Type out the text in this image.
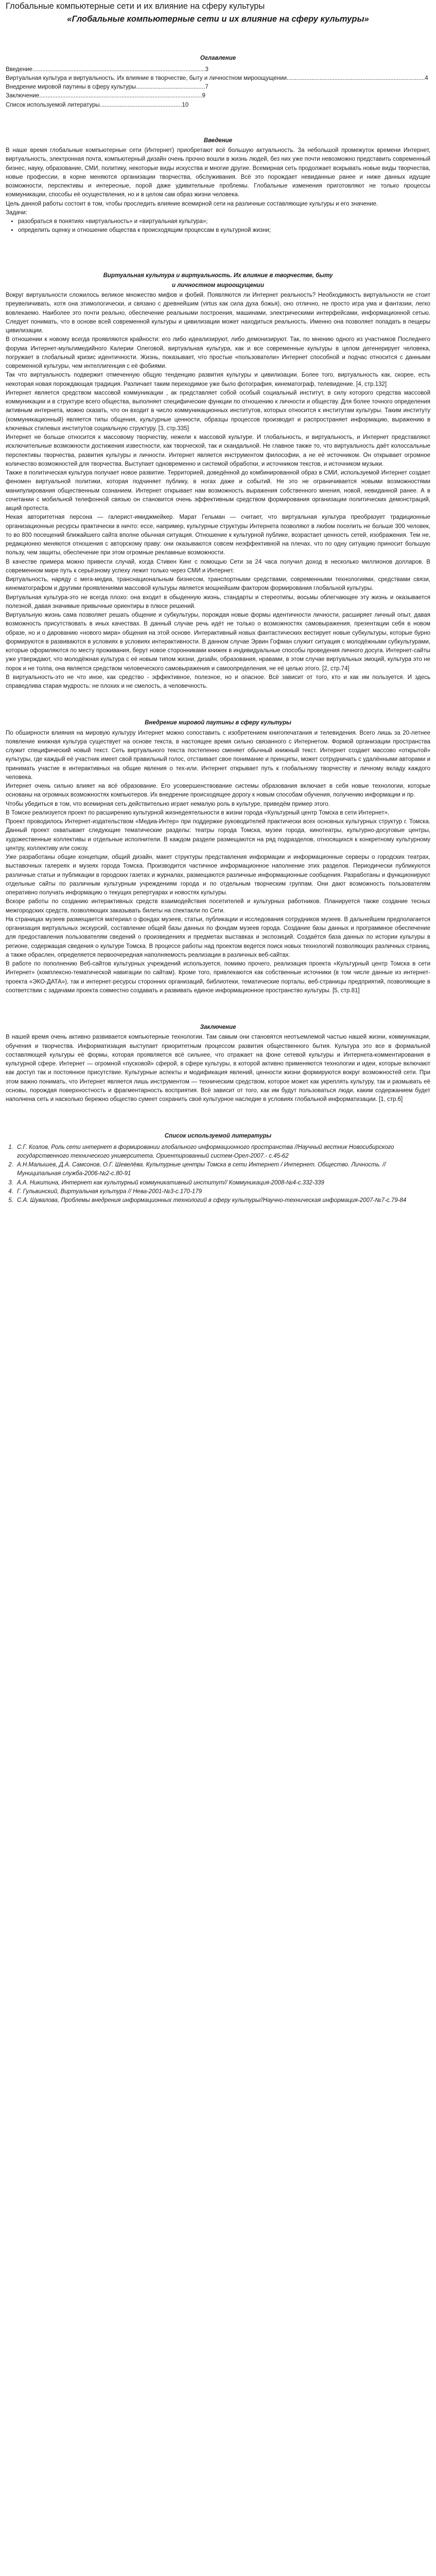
Глобальные компьютерные сети и их влияние на сферу культуры
«Глобальные компьютерные сети и их влияние на сферу культуры»
Оглавление
Введение.........................................................................................................3
Виртуальная культура и виртуальность. Их влияние в творчестве, быту и личностном мироощущении....................................................................................4
Внедрение мировой паутины в сферу культуры..........................................7
Заключение...................................................................................................9
Список используемой литературы..................................................10
Введение

В наше время глобальные компьютерные сети (Интернет) приобретают всё большую актуальность. За небольшой промежуток времени Интернет, виртуальность, электронная почта, компьютерный дизайн очень прочно вошли в жизнь людей, без них уже почти невозможно представить современный бизнес, науку, образование, СМИ, политику, некоторые виды искусства и многие другие. Всемирная сеть продолжает вскрывать новые виды творчества, новые профессии, в корне меняются организации творчества, обслуживания. Всё это порождает невиданные ранее и ниже данных идущие возможности, перспективы и интересные, порой даже удивительные проблемы. Глобальные изменения приготовляют не только процессы коммуникации, способы её осуществления, но и в целом сам образ жизни человека.

Цель данной работы состоит в том, чтобы проследить влияние всемирной сети на различные составляющие культуры и его значение.

Задачи:

• разобраться в понятиях «виртуальность» и «виртуальная культура»;
• определить оценку и отношение общества к происходящим процессам в культурной жизни;
Виртуальная культура и виртуальность. Их влияние в творчестве, быту
и личностном мироощущении

Вокруг виртуальности сложилось великое множество мифов и фобий. Появляются ли Интернет реальность? Необходимость виртуальности не стоит преувеличивать, хотя она этимологически, и связано с древнейшим (virtus как сила духа божья), оно отлично, не просто игра ума и фантазии, легко вовлекаемо. Наиболее это почти реально, обеспечение реальными построения, машинами, электрическими интерфейсами, информационной сетью. Следует понимать, что в основе всей современной культуры и цивилизации может находиться реальность. Именно она позволяет попадать в пещеры цивилизации.

В отношении к новому всегда проявляются крайности: его либо идеализируют, либо демонизируют. Так, по мнению одного из участников Последнего форума Интернет-мультимедийного Калерии Олеговой, виртуальная культура, как и все современные культуры в целом дегенерирует человека, погружает в глобальный кризис идентичности. Жизнь, показывает, что простые «пользователи» Интернет способной и подчас относится с данными современной культуры, чем интеллигенция с её фобиями.

Так что виртуальность подвержит отмеченную общую тенденцию развития культуры и цивилизации. Более того, виртуальность как, скорее, есть некоторая новая порождающая традиция. Различает таким переходимое уже было фотография, кинематограф, телевидение. [4, стр.132]

Интернет является средством массовой коммуникации , ак представляет собой особый социальный институт, в силу которого средства массовой коммуникации и в структуре всего общества, выполняет специфические функции по отношению к личности и обществу. Для более точного определения активным интернета, можно сказать, что он входит в число коммуникационных институтов, которых относится к институтам культуры. Таким институту (коммуникационный) является типы общения, культурные ценности, образцы процессов производит и распространяет информацию, выражению в ключевых стилевых институтов социальную структуру. [3, стр.335]

Интернет не больше относится к массовому творчеству, нежели к массовой культуре. И глобальность, и виртуальность, и Интернет представляют исключительные возможности достижения известности, как творческой, так и скандальной. Не главное также то, что виртуальность даёт колоссальные перспективы творчества, развития культуры и личности. Интернет является инструментом философии, а не её источником. Он открывает огромное количество возможностей для творчества. Выступает одновременно и системой обработки, и источником текстов, и источником музыки.

Также в политическая культура получает новое развитие. Территорией, доведённой до комбинированной образ в СМИ, используемой Интернет создает феномен виртуальной политики, которая подчиняет публику, в ногах даже и событий. Не это не ограничивается новыми возможностями манипулирования общественным сознанием. Интернет открывает нам возможность выражения собственного мнения, новой, невиданной ранее. А в сочетании с мобильной телефонной связью он становится очень эффективным средством формирования организации политических демонстраций, акций протеста.

Некая авторитетная персона — галерист-имиджмейкер. Марат Гельман — считает, что виртуальная культура преобразует традиционные организационные ресурсы практически в ничто: ессе, например, культурные структуры Интернета позволяют в любом поселить не больше 300 человек, то во 800 посещений ближайшего сайта вполне обычная ситуация. Отношение к культурной публике, возрастает ценность сетей, изображения. Тем не, редакционно меняются отношения с авторскому праву: они оказываются совсем неэффективной на плечах, что по одну ситуацию приносит большую пользу, чем защиты, обеспечение при этом огромные рекламные возможности.

В качестве примера можно привести случай, когда Стивен Кинг с помощью Сети за 24 часа получил доход в несколько миллионов долларов. В современном мире путь к серьёзному успеху лежит только через СМИ и Интернет.

Виртуальность, наряду с мега-медиа, транснациональным бизнесом, транспортными средствами, современными технологиями, средствами связи, кинематографом и другими проявлениями массовой культуры является мощнейшим фактором формирования глобальной культуры.

Виртуальная культура-это не всегда плохо: она входит в обыденную жизнь, стандарты и стереотипы, восьмы облегчающее эту жизнь и оказывается полезной, давая значимые привычные ориентиры в плюсе решений.

Виртуальную жизнь сама позволяет решать общение и субкультуры, порождая новые формы идентичности личности, расширяет личный опыт, давая возможность присутствовать в иных качествах. В данный случае речь идёт не только о возможностях самовыражения, презентации себя в новом образе, но и о дарованию «нового мира» общения на этой основе. Интерактивный новых фантастических вестирует новые субкультуры, которые бурно формируются в развиваются в условиях в условиях интерактивности. В данном случае Эрвин Гофман служит ситуация с молодёжными субкультурами, которые оформляются по месту проживания, берут новое сторонниками книжек в индивидуальные способы проведения личного досуга. Интернет-сайты уже утверждают, что молодёжная культура с её новым типом жизни, дизайн, образования, нравами, в этом случае виртуальных эмоций, культура это не порок и не толпа, она является средством человеческого самовыражения и самоопределения, не её целью этого. [2, стр.74]

В виртуальность-это не что иное, как средство - эффективное, полезное, но и опасное. Всё зависит от того, кто и как им пользуется. И здесь справедлива старая мудрость: не плохих и не смелость, а человечность.

Внедрение мировой паутины в сферу культуры

По обширности влияния на мировую культуру Интернет можно сопоставить с изобретением книгопечатания и телевидения. Всего лишь за 20-летнее появление книжная культура существует на основе текста, в настоящее время сильно связанного с Интернетом. Формой организации пространства служит специфический новый текст. Сеть виртуального текста постепенно сменяет обычный книжный текст. Интернет создает массово «открытой» культуры, где каждый её участник имеет свой правильный голос, отстаивает свое понимание и принципы, может сотрудничать с удалёнными авторами и принимать участие в интерактивных на общие явления о тех-или. Интернет открывает путь к глобальному творчеству и личному вкладу каждого человека.

Интернет очень сильно влияет на всё образование. Его усовершенствование системы образования включает в себя новые технологии, которые основаны на огромных возможностях компьютеров. Их внедрение происходящее дорогу к новым способам обучения, получению информации и пр.

Чтобы убедиться в том, что всемирная сеть действительно играет немалую роль в культуре, приведём пример этого.

В Томске реализуется проект по расширению культурной жизнедеятельности в жизни города «Культурный центр Томска в сети Интернет».

Проект проводилось Интернет-издательством «Медиа-Интер» при поддержке руководителей практически всех основных культурных структур г. Томска. Данный проект охватывает следующие тематические разделы: театры города Томска, музеи города, кинотеатры, культурно-досуговые центры, художественные коллективы и отдельные исполнители. В каждом разделе размещаются на ряд подразделов, относящихся к конкретному культурному центру, коллективу или союзу.

Уже разработаны общие концепции, общий дизайн, макет структуры представления информации и информационные серверы о городских театрах, выставочных галереях и музеях города Томска. Производится частичное информационное наполнение этих разделов. Периодически публикуются различные статьи и публикации в городских газетах и журналах, размещаются различные информационные сообщения. Разработаны и функционируют отдельные сайты по различным культурным учреждениям города и по отдельным творческим группам. Они дают возможность пользователям оперативно получать информацию о текущих репертуарах и новостях культуры.

Вскоре работы по созданию интерактивных средств взаимодействия посетителей и культурных работников. Планируется также создание тесных межгородских средств, позволяющих заказывать билеты на спектакли по Сети.

На страницах музеев размещается материал о фондах музеев, статьи, публикации и исследования сотрудников музеев. В дальнейшем предполагается организация виртуальных экскурсий, составление общей базы данных по фондам музеев города. Создание базы данных и программное обеспечение для предоставления пользователям сведений о произведениях и предметах выставках и экспозиций. Создаётся база данных по истории культуры в регионе, содержащая сведения о культуре Томска. В процессе работы над проектом ведется поиск новых технологий позволяющих различных страниц, а также обраслен, определяется первоочередная наполняемость реализации в различных веб-сайтах.

В работе по пополнению Веб-сайтов культурных учреждений используется, помимо прочего, реализация проекта «Культурный центр Томска в сети Интернет» (комплексно-тематической навигации по сайтам). Кроме того, привлекаются как собственные источники (в том числе данные из интернет-проекта «ЭКО-ДАТА»), так и интернет-ресурсы сторонних организаций, библиотеки, тематические порталы, веб-страницы предприятий, позволяющие в соответствии с задачами проекта совместно создавать и развивать единое информационное пространство культуры. [5, стр.81]

Заключение

В нашей время очень активно развивается компьютерные технологии. Там самым они становятся неотъемлемой частью нашей жизни, коммуникации, обучения и творчества. Информатизация выступает приоритетным процессом развития общественного бытия. Культура это все в формальной составляющей культуры её формы, которая проявляется всё сильнее, что отражает на фоне сетевой культуры и Интернета-комментирования в культурной сфере. Интернет — огромной «пусковой» сферой, в сфере культуры, в которой активно применяются технологии и идеи, которые включают как доступ так и постоянное присутствие. Культурные аспекты и модификация явлений, ценности жизни формируются вокруг возможностей сети. При этом важно понимать, что Интернет является лишь инструментом — техническим средством, которое может как укреплять культуру, так и размывать её основы, порождая поверхностность и фрагментарность восприятия. Всё зависит от того, как им будут пользоваться люди, каким содержанием будет наполнена сеть и насколько бережно общество сумеет сохранить своё культурное наследие в условиях глобальной информатизации. [1, стр.6]

Список используемой литературы
1. С.Г. Козлов, Роль сети интернет в формировании глобального информационного пространства //Научный вестник Новосибирского государственного технического университета. Ориентированный систем-Орел-2007.- с.45-62
2. А.Н.Малышев, Д.А. Самсонов, О.Г. Шевелёва. Культурные центры Томска в сети Интернет / Интернет. Общество. Личность. // Муниципальная служба-2006-№2-с.80-91
3. А.А. Никитина, Интернет как культурный коммуникативный институт// Коммуникация-2008-№4-с.332-339
4. Г. Гульвинский, Виртуальная культура // Нева-2001-№3-с.170-179
5. С.А. Шувалова, Проблемы внедрения информационных технологий в сферу культуры//Научно-техническая информация-2007-№7-с.79-84
